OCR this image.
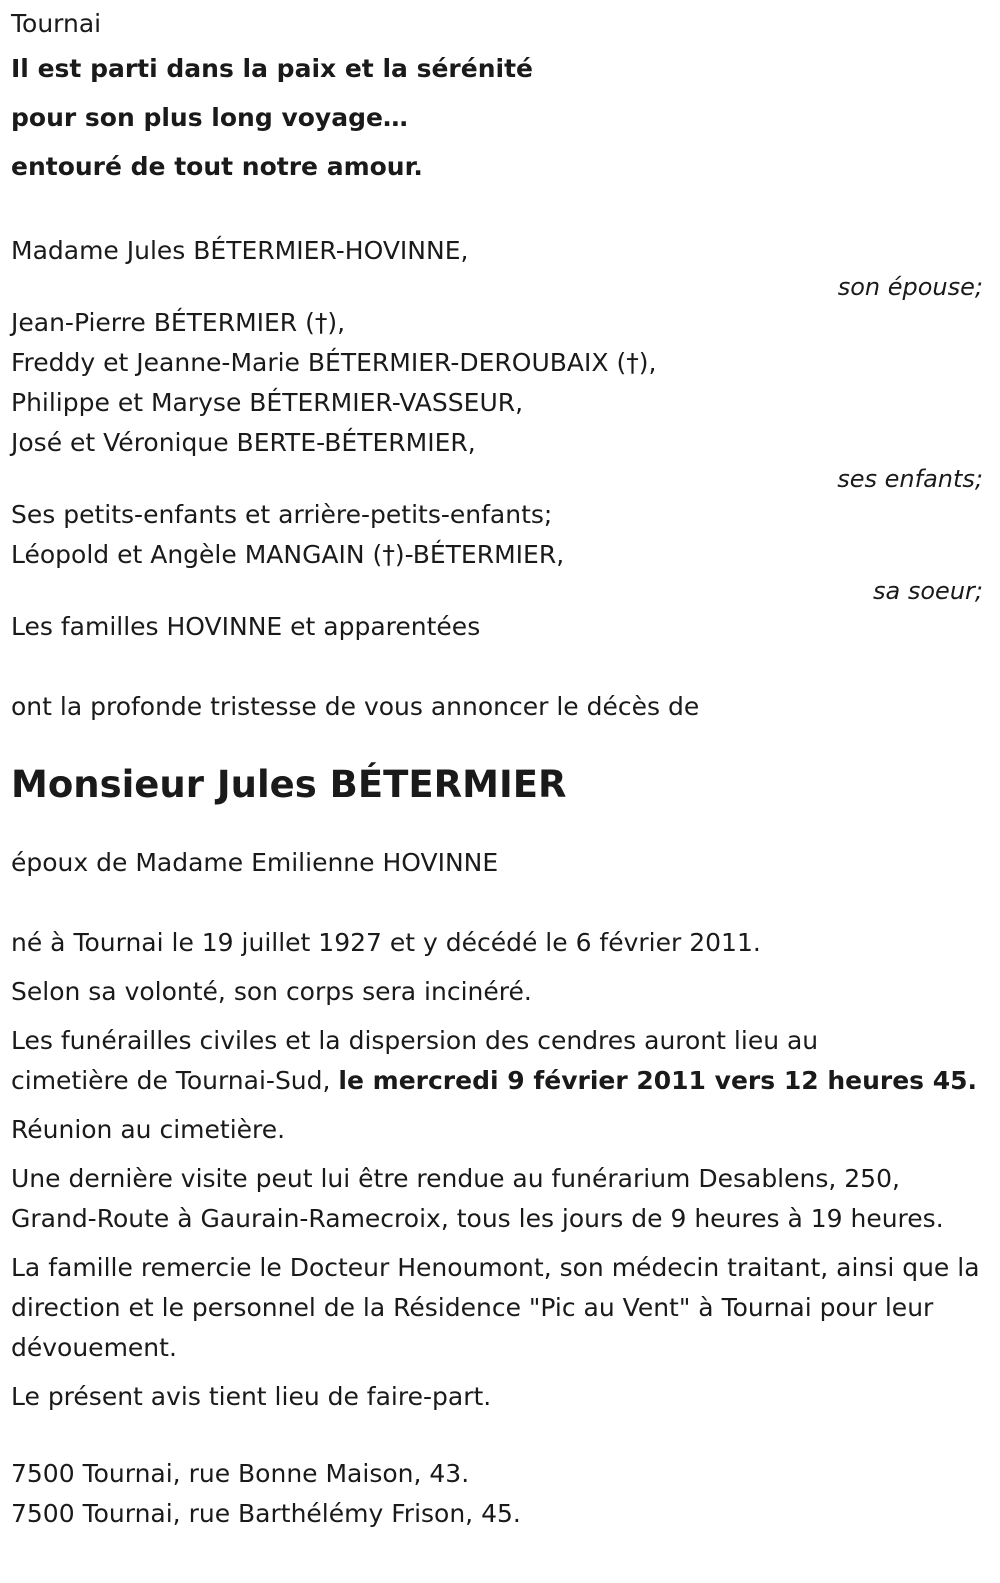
Tournai
Il est parti dans la paix et la sérénité
pour son plus long voyage…
entouré de tout notre amour.
Madame Jules BÉTERMIER-HOVINNE,
son épouse;
Jean-Pierre BÉTERMIER (†),
Freddy et Jeanne-Marie BÉTERMIER-DEROUBAIX (†),
Philippe et Maryse BÉTERMIER-VASSEUR,
José et Véronique BERTE-BÉTERMIER,
ses enfants;
Ses petits-enfants et arrière-petits-enfants;
Léopold et Angèle MANGAIN (†)-BÉTERMIER,
sa soeur;
Les familles HOVINNE et apparentées
ont la profonde tristesse de vous annoncer le décès de
Monsieur Jules BÉTERMIER
époux de Madame Emilienne HOVINNE
né à Tournai le 19 juillet 1927 et y décédé le 6 février 2011.
Selon sa volonté, son corps sera incinéré.
Les funérailles civiles et la dispersion des cendres auront lieu au
cimetière de Tournai-Sud, le mercredi 9 février 2011 vers 12 heures 45.
Réunion au cimetière.
Une dernière visite peut lui être rendue au funérarium Desablens, 250, Grand-Route à Gaurain-Ramecroix, tous les jours de 9 heures à 19 heures.
La famille remercie le Docteur Henoumont, son médecin traitant, ainsi que la direction et le personnel de la Résidence "Pic au Vent" à Tournai pour leur dévouement.
Le présent avis tient lieu de faire-part.
7500 Tournai, rue Bonne Maison, 43.
7500 Tournai, rue Barthélémy Frison, 45.
